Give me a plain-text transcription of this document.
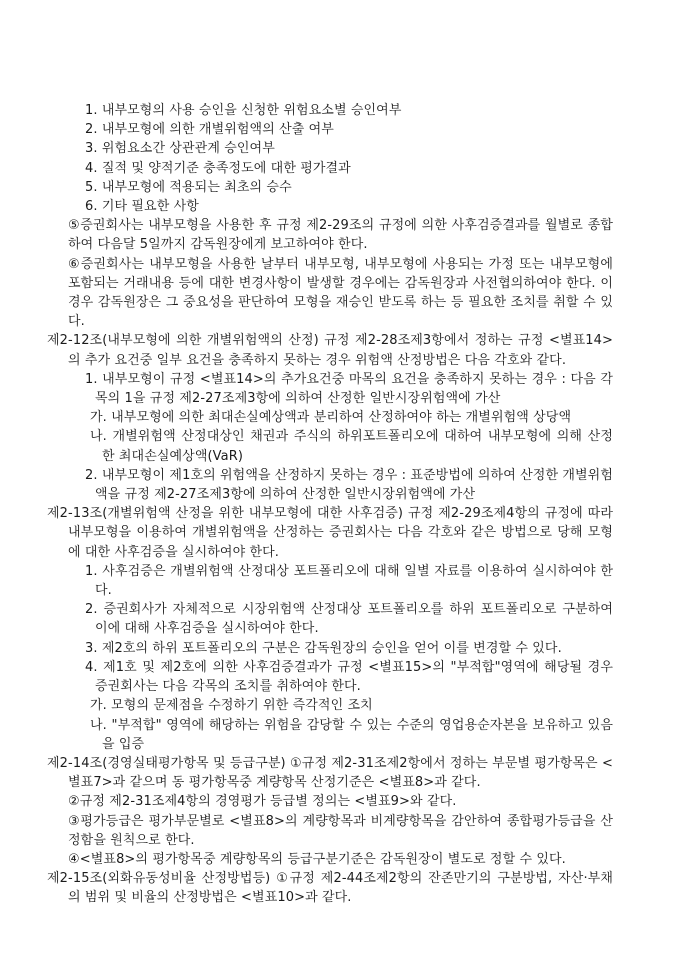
1. 내부모형의 사용 승인을 신청한 위험요소별 승인여부

2. 내부모형에 의한 개별위험액의 산출 여부

3. 위험요소간 상관관계 승인여부

4. 질적 및 양적기준 충족정도에 대한 평가결과

5. 내부모형에 적용되는 최초의 승수

6. 기타 필요한 사항

⑤증권회사는 내부모형을 사용한 후 규정 제2-29조의 규정에 의한 사후검증결과를 월별로 종합하여 다음달 5일까지 감독원장에게 보고하여야 한다.

⑥증권회사는 내부모형을 사용한 날부터 내부모형, 내부모형에 사용되는 가정 또는 내부모형에 포함되는 거래내용 등에 대한 변경사항이 발생할 경우에는 감독원장과 사전협의하여야 한다. 이 경우 감독원장은 그 중요성을 판단하여 모형을 재승인 받도록 하는 등 필요한 조치를 취할 수 있다.

제2-12조(내부모형에 의한 개별위험액의 산정) 규정 제2-28조제3항에서 정하는 규정 <별표14>의 추가 요건중 일부 요건을 충족하지 못하는 경우 위험액 산정방법은 다음 각호와 같다.

1. 내부모형이 규정 <별표14>의 추가요건중 마목의 요건을 충족하지 못하는 경우 : 다음 각목의 1을 규정 제2-27조제3항에 의하여 산정한 일반시장위험액에 가산

가. 내부모형에 의한 최대손실예상액과 분리하여 산정하여야 하는 개별위험액 상당액

나. 개별위험액 산정대상인 채권과 주식의 하위포트폴리오에 대하여 내부모형에 의해 산정한 최대손실예상액(VaR)

2. 내부모형이 제1호의 위험액을 산정하지 못하는 경우 : 표준방법에 의하여 산정한 개별위험액을 규정 제2-27조제3항에 의하여 산정한 일반시장위험액에 가산

제2-13조(개별위험액 산정을 위한 내부모형에 대한 사후검증) 규정 제2-29조제4항의 규정에 따라 내부모형을 이용하여 개별위험액을 산정하는 증권회사는 다음 각호와 같은 방법으로 당해 모형에 대한 사후검증을 실시하여야 한다.

1. 사후검증은 개별위험액 산정대상 포트폴리오에 대해 일별 자료를 이용하여 실시하여야 한다.

2. 증권회사가 자체적으로 시장위험액 산정대상 포트폴리오를 하위 포트폴리오로 구분하여 이에 대해 사후검증을 실시하여야 한다.

3. 제2호의 하위 포트폴리오의 구분은 감독원장의 승인을 얻어 이를 변경할 수 있다.

4. 제1호 및 제2호에 의한 사후검증결과가 규정 <별표15>의 "부적합"영역에 해당될 경우 증권회사는 다음 각목의 조치를 취하여야 한다.

가. 모형의 문제점을 수정하기 위한 즉각적인 조치

나. "부적합" 영역에 해당하는 위험을 감당할 수 있는 수준의 영업용순자본을 보유하고 있음을 입증

제2-14조(경영실태평가항목 및 등급구분) ①규정 제2-31조제2항에서 정하는 부문별 평가항목은 <별표7>과 같으며 동 평가항목중 계량항목 산정기준은 <별표8>과 같다.

②규정 제2-31조제4항의 경영평가 등급별 정의는 <별표9>와 같다.

③평가등급은 평가부문별로 <별표8>의 계량항목과 비계량항목을 감안하여 종합평가등급을 산정함을 원칙으로 한다.

④<별표8>의 평가항목중 계량항목의 등급구분기준은 감독원장이 별도로 정할 수 있다.

제2-15조(외화유동성비율 산정방법등) ①규정 제2-44조제2항의 잔존만기의 구분방법, 자산·부채의 범위 및 비율의 산정방법은 <별표10>과 같다.
